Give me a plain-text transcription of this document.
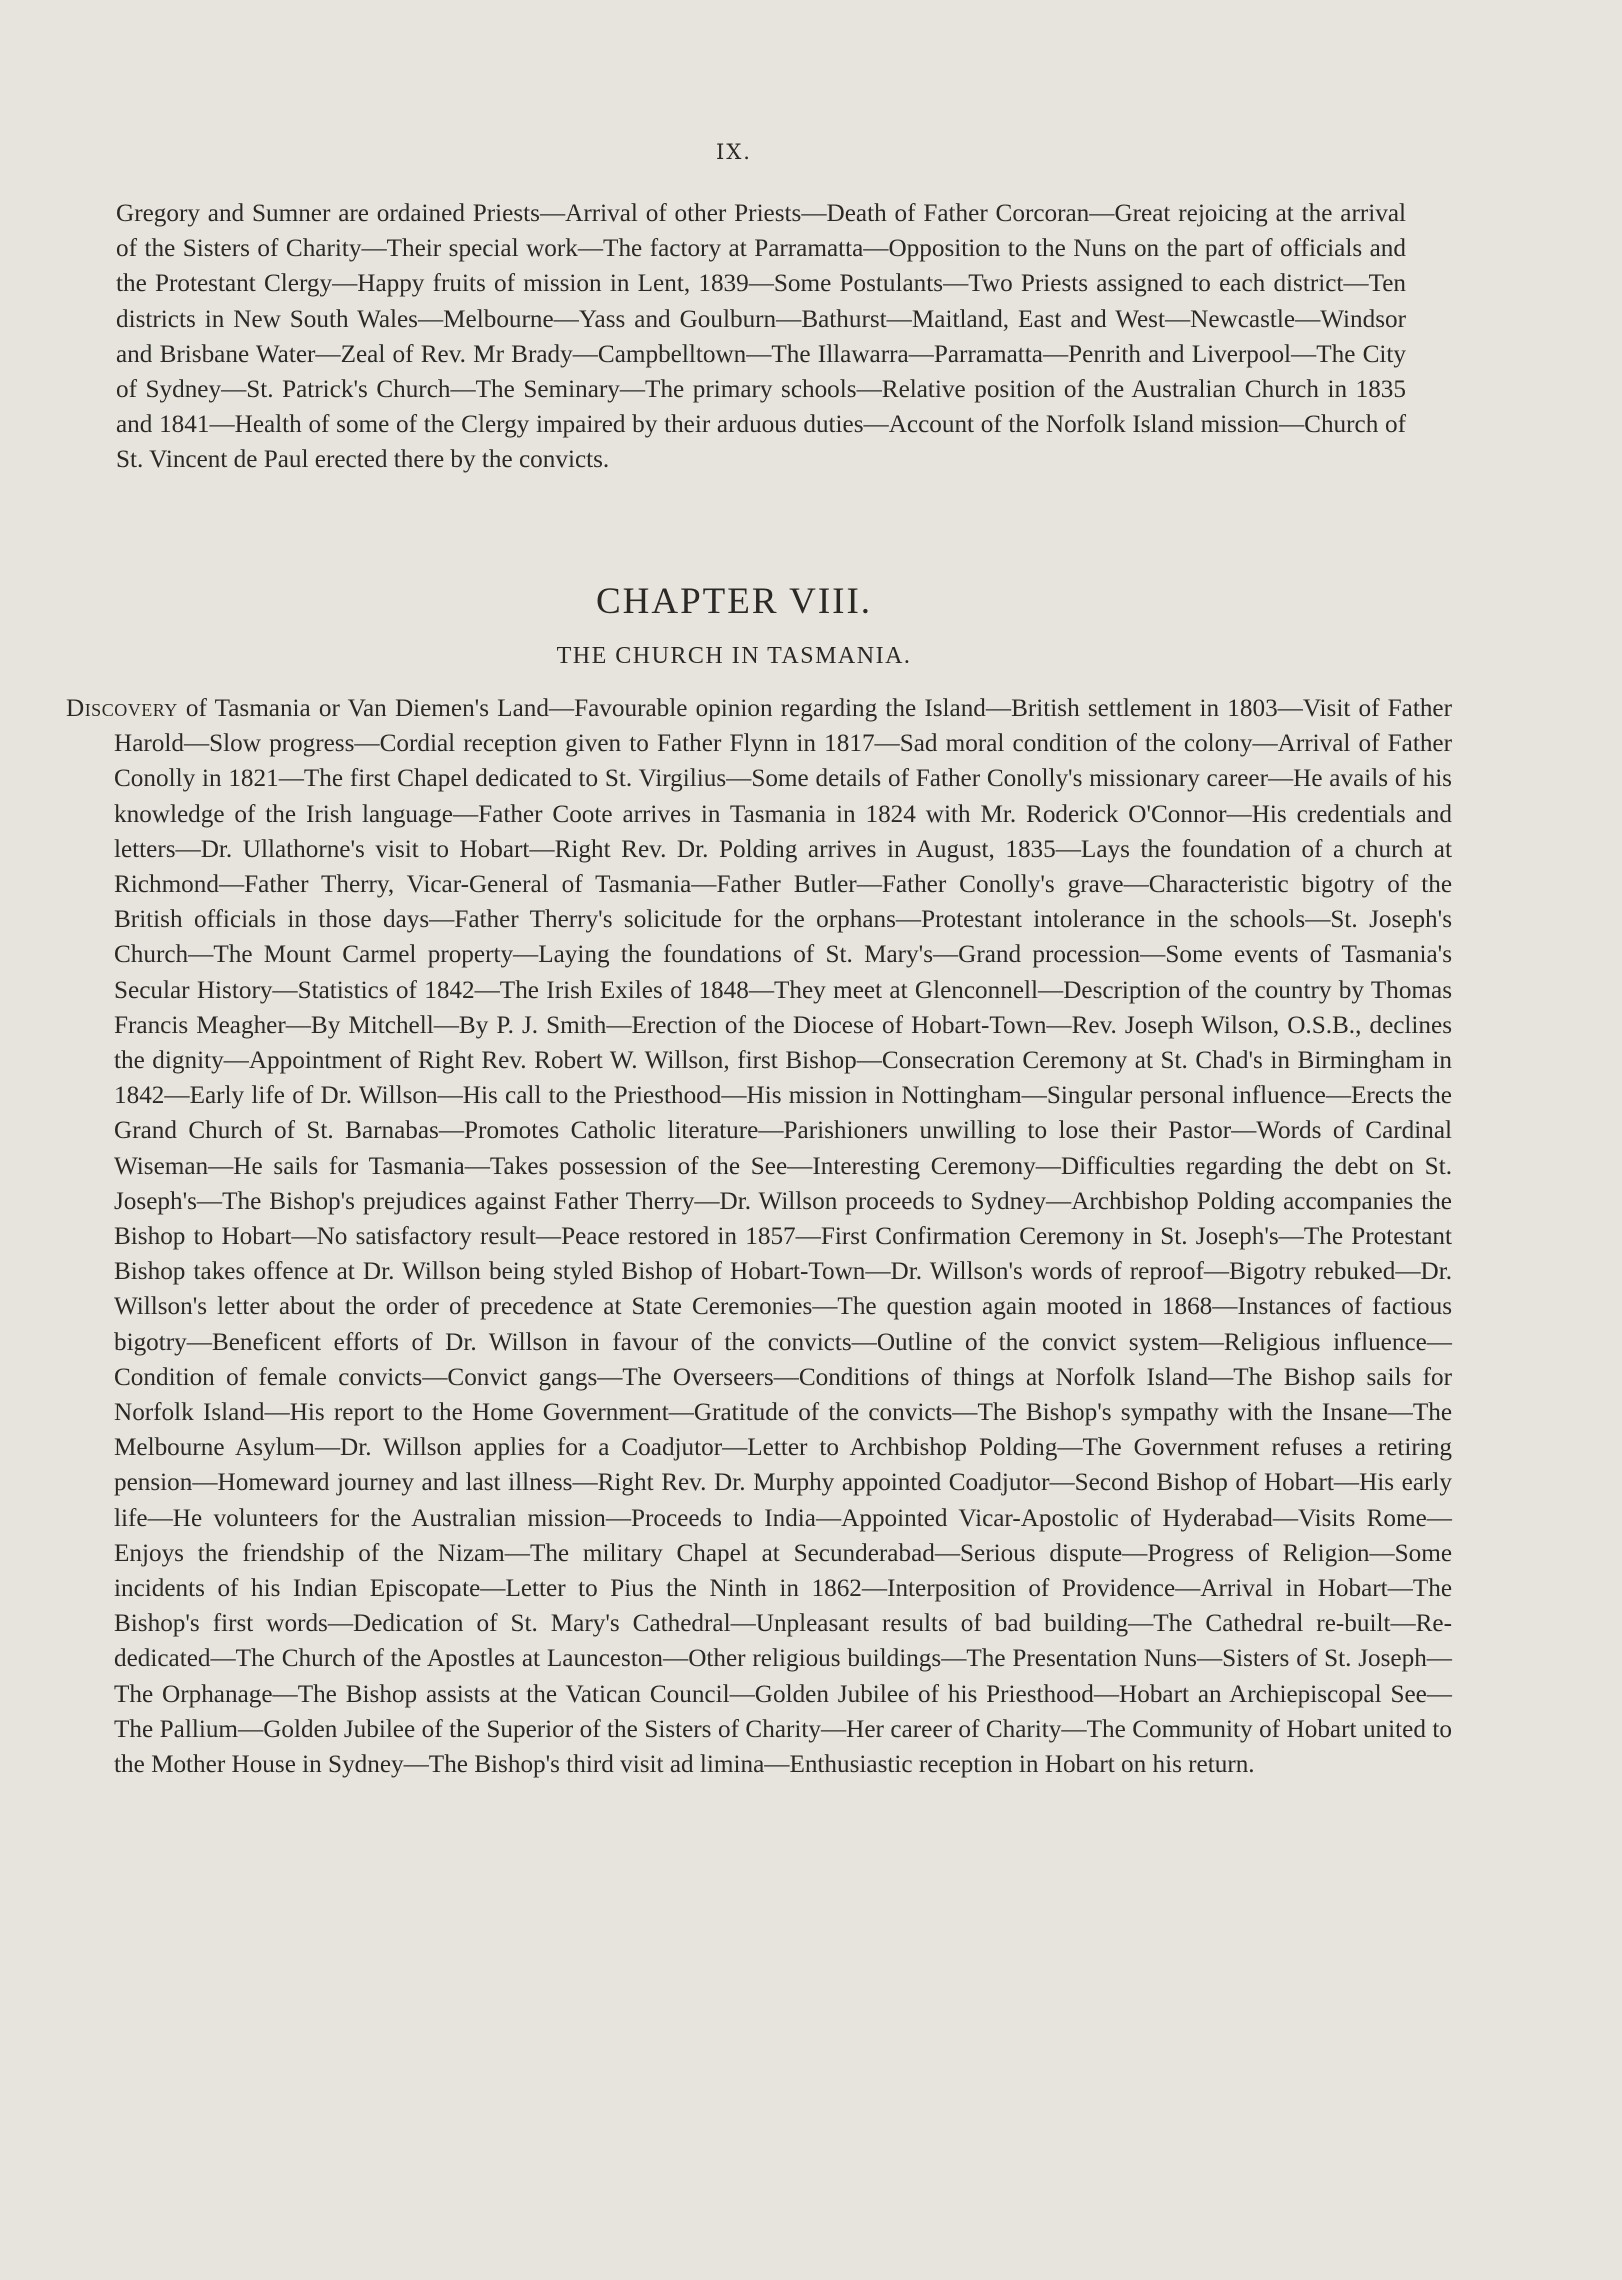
IX.

Gregory and Sumner are ordained Priests—Arrival of other Priests—Death of Father Corcoran—Great rejoicing at the arrival of the Sisters of Charity—Their special work—The factory at Parramatta—Opposition to the Nuns on the part of officials and the Protestant Clergy—Happy fruits of mission in Lent, 1839—Some Postulants—Two Priests assigned to each district—Ten districts in New South Wales—Melbourne—Yass and Goulburn—Bathurst—Maitland, East and West—Newcastle—Windsor and Brisbane Water—Zeal of Rev. Mr Brady—Campbelltown—The Illawarra—Parramatta—Penrith and Liverpool—The City of Sydney—St. Patrick's Church—The Seminary—The primary schools—Relative position of the Australian Church in 1835 and 1841—Health of some of the Clergy impaired by their arduous duties—Account of the Norfolk Island mission—Church of St. Vincent de Paul erected there by the convicts.

CHAPTER VIII.
THE CHURCH IN TASMANIA.

Discovery of Tasmania or Van Diemen's Land—Favourable opinion regarding the Island—British settlement in 1803—Visit of Father Harold—Slow progress—Cordial reception given to Father Flynn in 1817—Sad moral condition of the colony—Arrival of Father Conolly in 1821—The first Chapel dedicated to St. Virgilius—Some details of Father Conolly's missionary career—He avails of his knowledge of the Irish language—Father Coote arrives in Tasmania in 1824 with Mr. Roderick O'Connor—His credentials and letters—Dr. Ullathorne's visit to Hobart—Right Rev. Dr. Polding arrives in August, 1835—Lays the foundation of a church at Richmond—Father Therry, Vicar-General of Tasmania—Father Butler—Father Conolly's grave—Characteristic bigotry of the British officials in those days—Father Therry's solicitude for the orphans—Protestant intolerance in the schools—St. Joseph's Church—The Mount Carmel property—Laying the foundations of St. Mary's—Grand procession—Some events of Tasmania's Secular History—Statistics of 1842—The Irish Exiles of 1848—They meet at Glenconnell—Description of the country by Thomas Francis Meagher—By Mitchell—By P. J. Smith—Erection of the Diocese of Hobart-Town—Rev. Joseph Wilson, O.S.B., declines the dignity—Appointment of Right Rev. Robert W. Willson, first Bishop—Consecration Ceremony at St. Chad's in Birmingham in 1842—Early life of Dr. Willson—His call to the Priesthood—His mission in Nottingham—Singular personal influence—Erects the Grand Church of St. Barnabas—Promotes Catholic literature—Parishioners unwilling to lose their Pastor—Words of Cardinal Wiseman—He sails for Tasmania—Takes possession of the See—Interesting Ceremony—Difficulties regarding the debt on St. Joseph's—The Bishop's prejudices against Father Therry—Dr. Willson proceeds to Sydney—Archbishop Polding accompanies the Bishop to Hobart—No satisfactory result—Peace restored in 1857—First Confirmation Ceremony in St. Joseph's—The Protestant Bishop takes offence at Dr. Willson being styled Bishop of Hobart-Town—Dr. Willson's words of reproof—Bigotry rebuked—Dr. Willson's letter about the order of precedence at State Ceremonies—The question again mooted in 1868—Instances of factious bigotry—Beneficent efforts of Dr. Willson in favour of the convicts—Outline of the convict system—Religious influence—Condition of female convicts—Convict gangs—The Overseers—Conditions of things at Norfolk Island—The Bishop sails for Norfolk Island—His report to the Home Government—Gratitude of the convicts—The Bishop's sympathy with the Insane—The Melbourne Asylum—Dr. Willson applies for a Coadjutor—Letter to Archbishop Polding—The Government refuses a retiring pension—Homeward journey and last illness—Right Rev. Dr. Murphy appointed Coadjutor—Second Bishop of Hobart—His early life—He volunteers for the Australian mission—Proceeds to India—Appointed Vicar-Apostolic of Hyderabad—Visits Rome—Enjoys the friendship of the Nizam—The military Chapel at Secunderabad—Serious dispute—Progress of Religion—Some incidents of his Indian Episcopate—Letter to Pius the Ninth in 1862—Interposition of Providence—Arrival in Hobart—The Bishop's first words—Dedication of St. Mary's Cathedral—Unpleasant results of bad building—The Cathedral re-built—Re-dedicated—The Church of the Apostles at Launceston—Other religious buildings—The Presentation Nuns—Sisters of St. Joseph—The Orphanage—The Bishop assists at the Vatican Council—Golden Jubilee of his Priesthood—Hobart an Archiepiscopal See—The Pallium—Golden Jubilee of the Superior of the Sisters of Charity—Her career of Charity—The Community of Hobart united to the Mother House in Sydney—The Bishop's third visit ad limina—Enthusiastic reception in Hobart on his return.
